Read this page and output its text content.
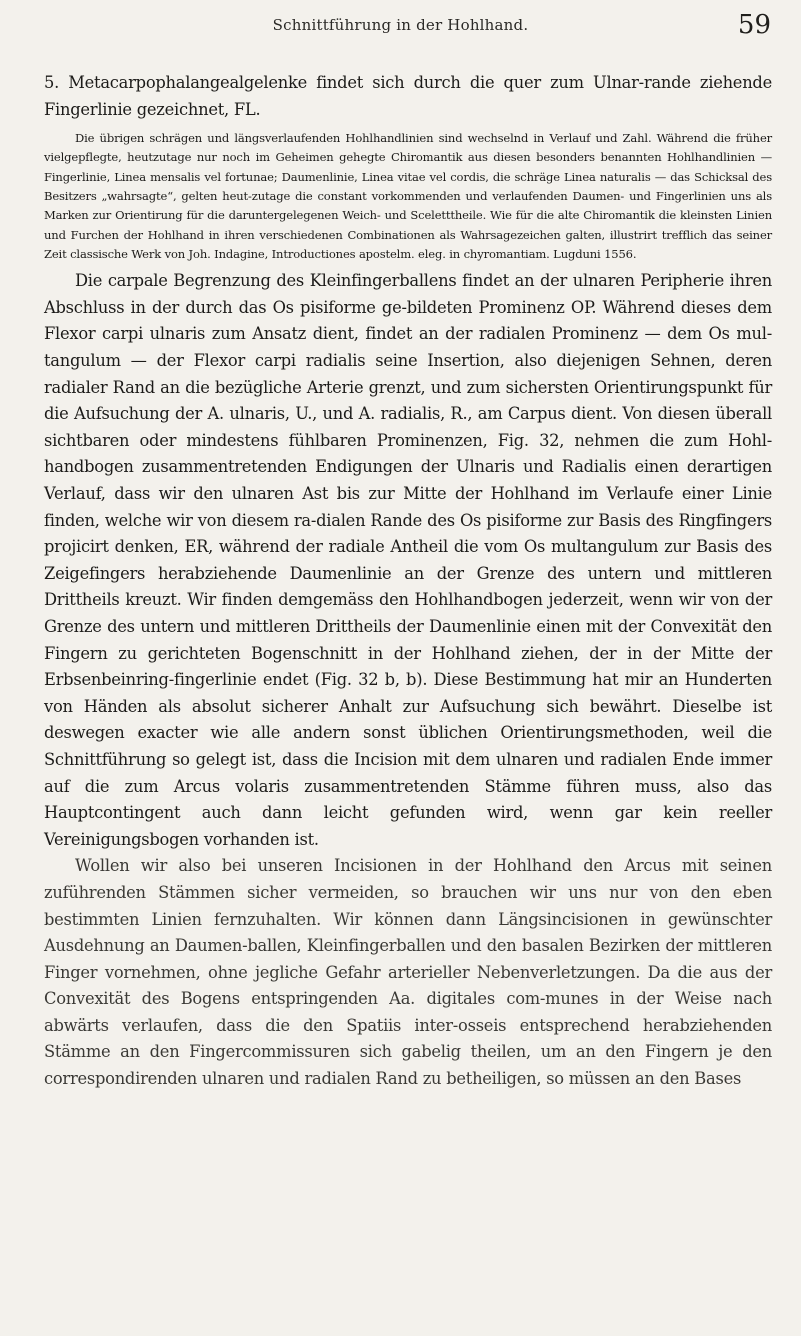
Schnittführung in der Hohlhand.	59

5. Metacarpophalangealgelenke findet sich durch die quer zum Ulnar-rande ziehende Fingerlinie gezeichnet, FL.

Die übrigen schrägen und längsverlaufenden Hohlhandlinien sind wechselnd in Verlauf und Zahl. Während die früher vielgepflegte, heutzutage nur noch im Geheimen gehegte Chiromantik aus diesen besonders benannten Hohlhandlinien — Fingerlinie, Linea mensalis vel fortunae; Daumenlinie, Linea vitae vel cordis, die schräge Linea naturalis — das Schicksal des Besitzers „wahrsagte“, gelten heut-zutage die constant vorkommenden und verlaufenden Daumen- und Fingerlinien uns als Marken zur Orientirung für die daruntergelegenen Weich- und Sceletttheile. Wie für die alte Chiromantik die kleinsten Linien und Furchen der Hohlhand in ihren verschiedenen Combinationen als Wahrsagezeichen galten, illustrirt trefflich das seiner Zeit classische Werk von Joh. Indagine, Introductiones apostelm. eleg. in chyromantiam. Lugduni 1556.

Die carpale Begrenzung des Kleinfingerballens findet an der ulnaren Peripherie ihren Abschluss in der durch das Os pisiforme ge-bildeten Prominenz OP. Während dieses dem Flexor carpi ulnaris zum Ansatz dient, findet an der radialen Prominenz — dem Os mul-tangulum — der Flexor carpi radialis seine Insertion, also diejenigen Sehnen, deren radialer Rand an die bezügliche Arterie grenzt, und zum sichersten Orientirungspunkt für die Aufsuchung der A. ulnaris, U., und A. radialis, R., am Carpus dient. Von diesen überall sichtbaren oder mindestens fühlbaren Prominenzen, Fig. 32, nehmen die zum Hohl-handbogen zusammentretenden Endigungen der Ulnaris und Radialis einen derartigen Verlauf, dass wir den ulnaren Ast bis zur Mitte der Hohlhand im Verlaufe einer Linie finden, welche wir von diesem ra-dialen Rande des Os pisiforme zur Basis des Ringfingers projicirt denken, ER, während der radiale Antheil die vom Os multangulum zur Basis des Zeigefingers herabziehende Daumenlinie an der Grenze des untern und mittleren Drittheils kreuzt. Wir finden demgemäss den Hohlhandbogen jederzeit, wenn wir von der Grenze des untern und mittleren Drittheils der Daumenlinie einen mit der Convexität den Fingern zu gerichteten Bogenschnitt in der Hohlhand ziehen, der in der Mitte der Erbsenbeinring-fingerlinie endet (Fig. 32 b, b). Diese Bestimmung hat mir an Hunderten von Händen als absolut sicherer Anhalt zur Aufsuchung sich bewährt. Dieselbe ist deswegen exacter wie alle andern sonst üblichen Orientirungsmethoden, weil die Schnittführung so gelegt ist, dass die Incision mit dem ulnaren und radialen Ende immer auf die zum Arcus volaris zusammentretenden Stämme führen muss, also das Hauptcontingent auch dann leicht gefunden wird, wenn gar kein reeller Vereinigungsbogen vorhanden ist.

Wollen wir also bei unseren Incisionen in der Hohlhand den Arcus mit seinen zuführenden Stämmen sicher vermeiden, so brauchen wir uns nur von den eben bestimmten Linien fernzuhalten. Wir können dann Längsincisionen in gewünschter Ausdehnung an Daumen-ballen, Kleinfingerballen und den basalen Bezirken der mittleren Finger vornehmen, ohne jegliche Gefahr arterieller Nebenverletzungen. Da die aus der Convexität des Bogens entspringenden Aa. digitales com-munes in der Weise nach abwärts verlaufen, dass die den Spatiis inter-osseis entsprechend herabziehenden Stämme an den Fingercommissuren sich gabelig theilen, um an den Fingern je den correspondirenden ulnaren und radialen Rand zu betheiligen, so müssen an den Bases
